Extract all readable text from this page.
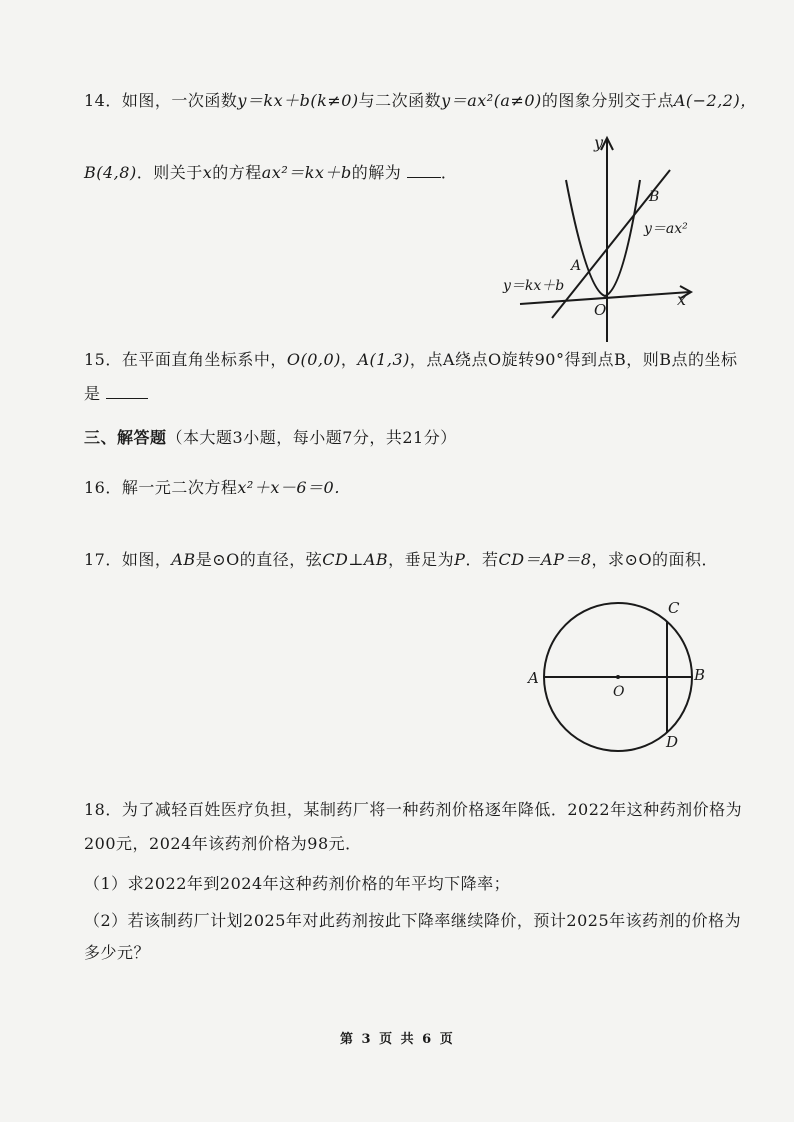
14．如图，一次函数y＝kx＋b(k≠0)与二次函数y＝ax²(a≠0)的图象分别交于点A(−2,2)，
B(4,8)．则关于x的方程ax²＝kx＋b的解为 ．
y
x
O
A
B
y＝ax²
y＝kx＋b
15．在平面直角坐标系中，O(0,0)，A(1,3)，点A绕点O旋转90°得到点B，则B点的坐标
是
三、解答题（本大题3小题，每小题7分，共21分）
16．解一元二次方程x²＋x－6＝0．
17．如图，AB是⊙O的直径，弦CD⊥AB，垂足为P．若CD＝AP＝8，求⊙O的面积．
A	B
C
D
O
18．为了减轻百姓医疗负担，某制药厂将一种药剂价格逐年降低．2022年这种药剂价格为
200元，2024年该药剂价格为98元．
（1）求2022年到2024年这种药剂价格的年平均下降率；
（2）若该制药厂计划2025年对此药剂按此下降率继续降价，预计2025年该药剂的价格为
多少元？
第 3 页 共 6 页
